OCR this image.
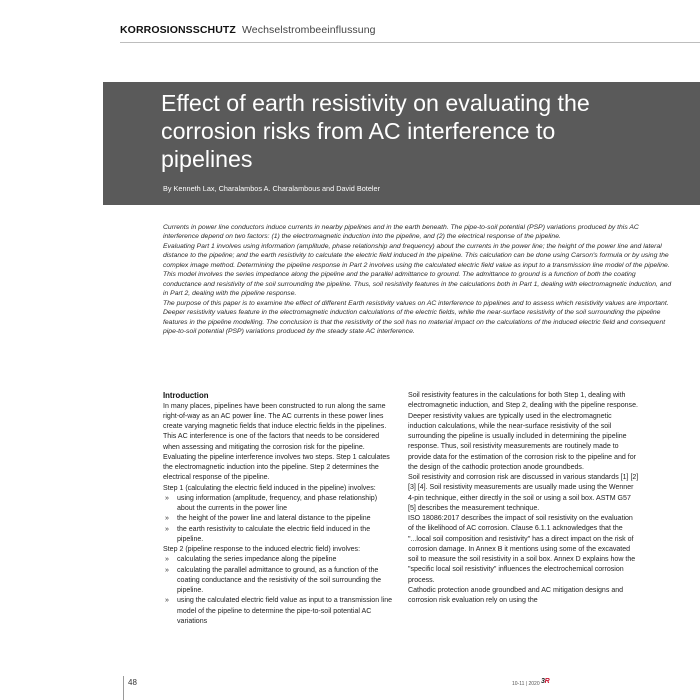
KORROSIONSSCHUTZ Wechselstrombeeinflussung
Effect of earth resistivity on evaluating the
corrosion risks from AC interference to
pipelines
By Kenneth Lax, Charalambos A. Charalambous and David Boteler

Currents in power line conductors induce currents in nearby pipelines and in the earth beneath. The pipe-to-soil potential (PSP) variations produced by this AC interference depend on two factors: (1) the electromagnetic induction into the pipeline, and (2) the electrical response of the pipeline.

Evaluating Part 1 involves using information (amplitude, phase relationship and frequency) about the currents in the power line; the height of the power line and lateral distance to the pipeline; and the earth resistivity to calculate the electric field induced in the pipeline. This calculation can be done using Carson's formula or by using the complex image method. Determining the pipeline response in Part 2 involves using the calculated electric field value as input to a transmission line model of the pipeline. This model involves the series impedance along the pipeline and the parallel admittance to ground. The admittance to ground is a function of both the coating conductance and resistivity of the soil surrounding the pipeline. Thus, soil resistivity features in the calculations both in Part 1, dealing with electromagnetic induction, and in Part 2, dealing with the pipeline response.

The purpose of this paper is to examine the effect of different Earth resistivity values on AC interference to pipelines and to assess which resistivity values are important. Deeper resistivity values feature in the electromagnetic induction calculations of the electric fields, while the near-surface resistivity of the soil surrounding the pipeline features in the pipeline modelling. The conclusion is that the resistivity of the soil has no material impact on the calculations of the induced electric field and consequent pipe-to-soil potential (PSP) variations produced by the steady state AC interference.

Introduction

In many places, pipelines have been constructed to run along the same right-of-way as an AC power line. The AC currents in these power lines create varying magnetic fields that induce electric fields in the pipelines. This AC interference is one of the factors that needs to be considered when assessing and mitigating the corrosion risk for the pipeline.

Evaluating the pipeline interference involves two steps. Step 1 calculates the electromagnetic induction into the pipeline. Step 2 determines the electrical response of the pipeline.

Step 1 (calculating the electric field induced in the pipeline) involves:

» using information (amplitude, frequency, and phase relationship) about the currents in the power line
» the height of the power line and lateral distance to the pipeline
» the earth resistivity to calculate the electric field induced in the pipeline.

Step 2 (pipeline response to the induced electric field) involves:

» calculating the series impedance along the pipeline
» calculating the parallel admittance to ground, as a function of the coating conductance and the resistivity of the soil surrounding the pipeline.
» using the calculated electric field value as input to a transmission line model of the pipeline to determine the pipe-to-soil potential AC variations

Soil resistivity features in the calculations for both Step 1, dealing with electromagnetic induction, and Step 2, dealing with the pipeline response.

Deeper resistivity values are typically used in the electromagnetic induction calculations, while the near-surface resistivity of the soil surrounding the pipeline is usually included in determining the pipeline response. Thus, soil resistivity measurements are routinely made to provide data for the estimation of the corrosion risk to the pipeline and for the design of the cathodic protection anode groundbeds.

Soil resistivity and corrosion risk are discussed in various standards [1] [2] [3] [4]. Soil resistivity measurements are usually made using the Wenner 4-pin technique, either directly in the soil or using a soil box. ASTM G57 [5] describes the measurement technique.

ISO 18086:2017 describes the impact of soil resistivity on the evaluation of the likelihood of AC corrosion. Clause 6.1.1 acknowledges that the "...local soil composition and resistivity" has a direct impact on the risk of corrosion damage. In Annex B it mentions using some of the excavated soil to measure the soil resistivity in a soil box. Annex D explains how the "specific local soil resistivity" influences the electrochemical corrosion process.

Cathodic protection anode groundbed and AC mitigation designs and corrosion risk evaluation rely on using the

48	10-11 | 2020 3R
